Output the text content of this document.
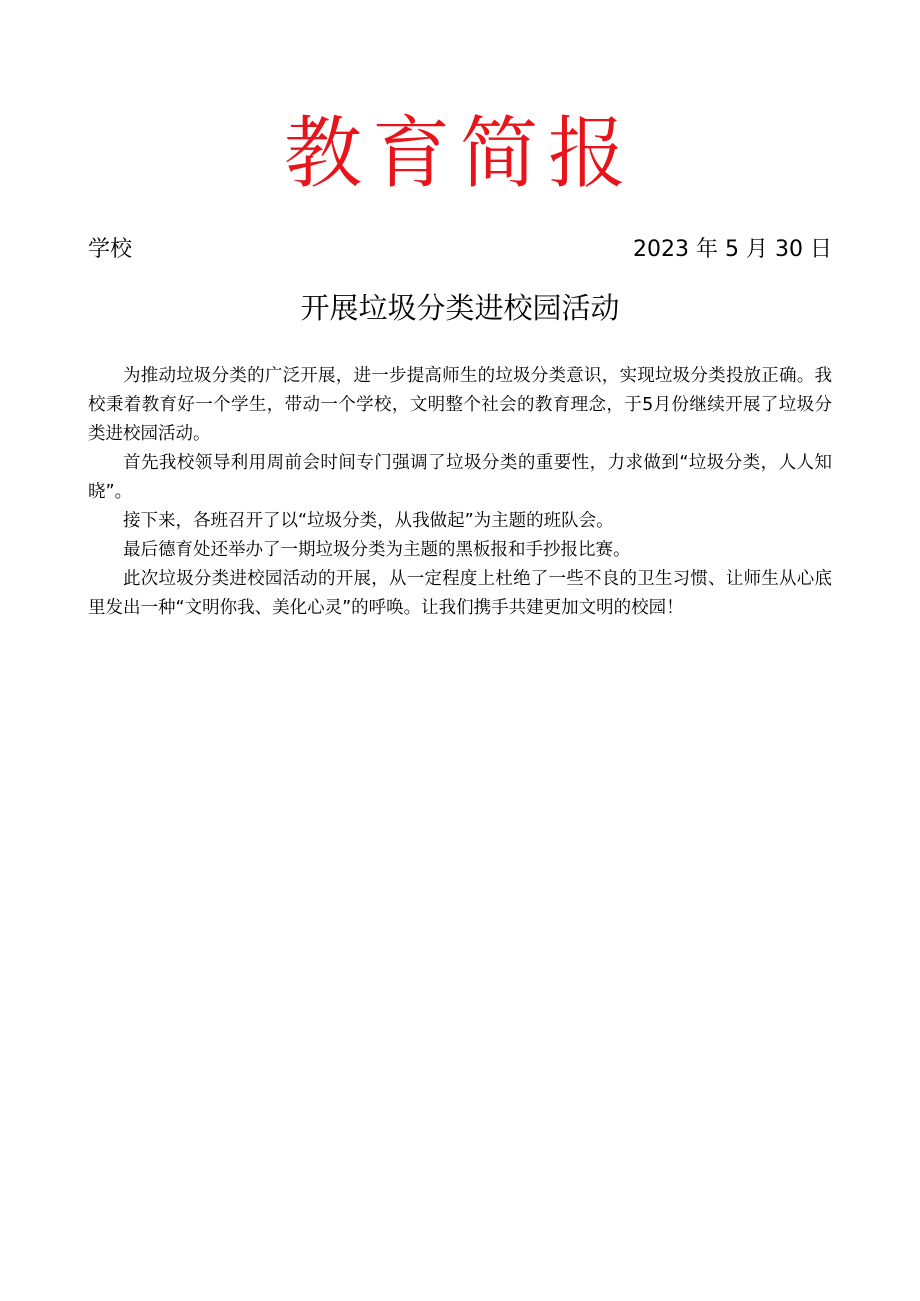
教育简报
学校	2023 年 5 月 30 日
开展垃圾分类进校园活动

为推动垃圾分类的广泛开展，进一步提高师生的垃圾分类意识，实现垃圾分类投放正确。我校秉着教育好一个学生，带动一个学校，文明整个社会的教育理念，于5月份继续开展了垃圾分类进校园活动。

首先我校领导利用周前会时间专门强调了垃圾分类的重要性，力求做到“垃圾分类，人人知晓”。

接下来，各班召开了以“垃圾分类，从我做起”为主题的班队会。

最后德育处还举办了一期垃圾分类为主题的黑板报和手抄报比赛。

此次垃圾分类进校园活动的开展，从一定程度上杜绝了一些不良的卫生习惯、让师生从心底里发出一种“文明你我、美化心灵”的呼唤。让我们携手共建更加文明的校园！
